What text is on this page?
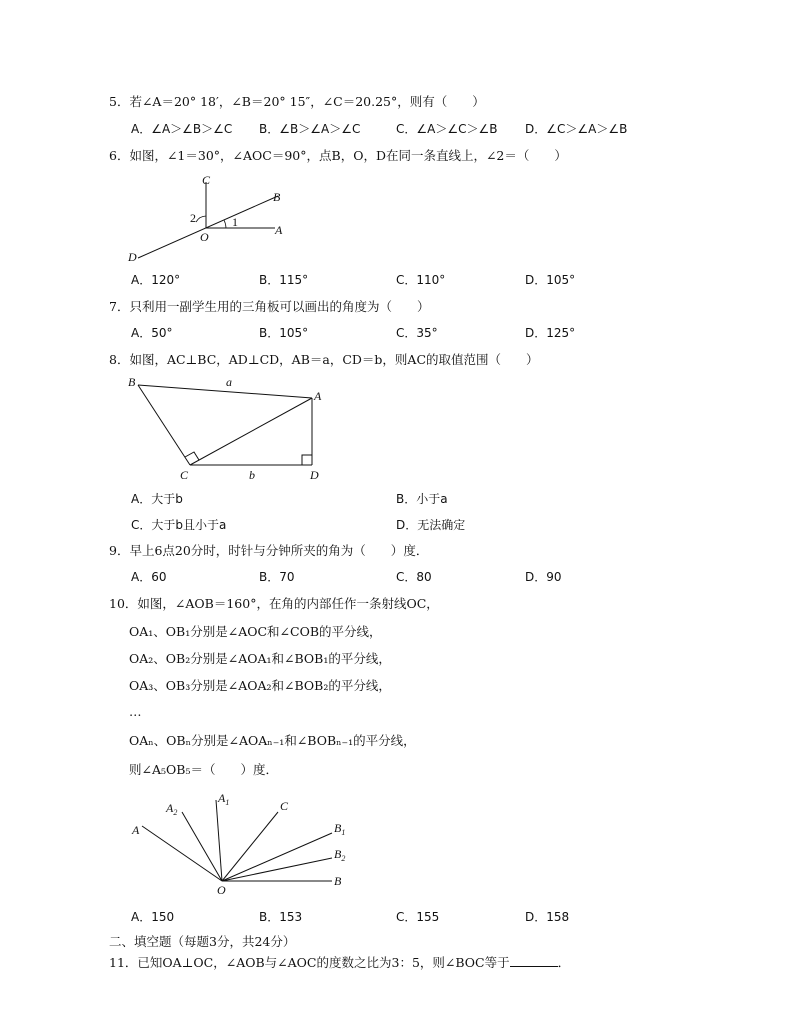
5．若∠A＝20° 18′，∠B＝20° 15″，∠C＝20.25°，则有（　　）
A．∠A＞∠B＞∠C B．∠B＞∠A＞∠C	C．∠A＞∠C＞∠B D．∠C＞∠A＞∠B
6．如图，∠1＝30°，∠AOC＝90°，点B，O，D在同一条直线上，∠2＝（　　）
C
B
A
O
D
1
2
A．120°	B．115°	C．110°	D．105°
7．只利用一副学生用的三角板可以画出的角度为（　　）
A．50°	B．105°	C．35°	D．125°
8．如图，AC⊥BC，AD⊥CD，AB＝a，CD＝b，则AC的取值范围（　　）
B
A
C	D
a
b
A．大于b	B．小于a
C．大于b且小于a	D．无法确定
9．早上6点20分时，时针与分钟所夹的角为（　　）度．
A．60	B．70	C．80	D．90
10．如图，∠AOB＝160°，在角的内部任作一条射线OC，
OA₁、OB₁分别是∠AOC和∠COB的平分线，
OA₂、OB₂分别是∠AOA₁和∠BOB₁的平分线，
OA₃、OB₃分别是∠AOA₂和∠BOB₂的平分线，
…
OAₙ、OBₙ分别是∠AOAₙ₋₁和∠BOBₙ₋₁的平分线，
则∠A₅OB₅＝（　　）度．
A
$A_2$
$A_1$	C
$B_1$
$B_2$
B
O
A．150	B．153	C．155	D．158
二、填空题（每题3分，共24分）
11．已知OA⊥OC，∠AOB与∠AOC的度数之比为3：5，则∠BOC等于	．
